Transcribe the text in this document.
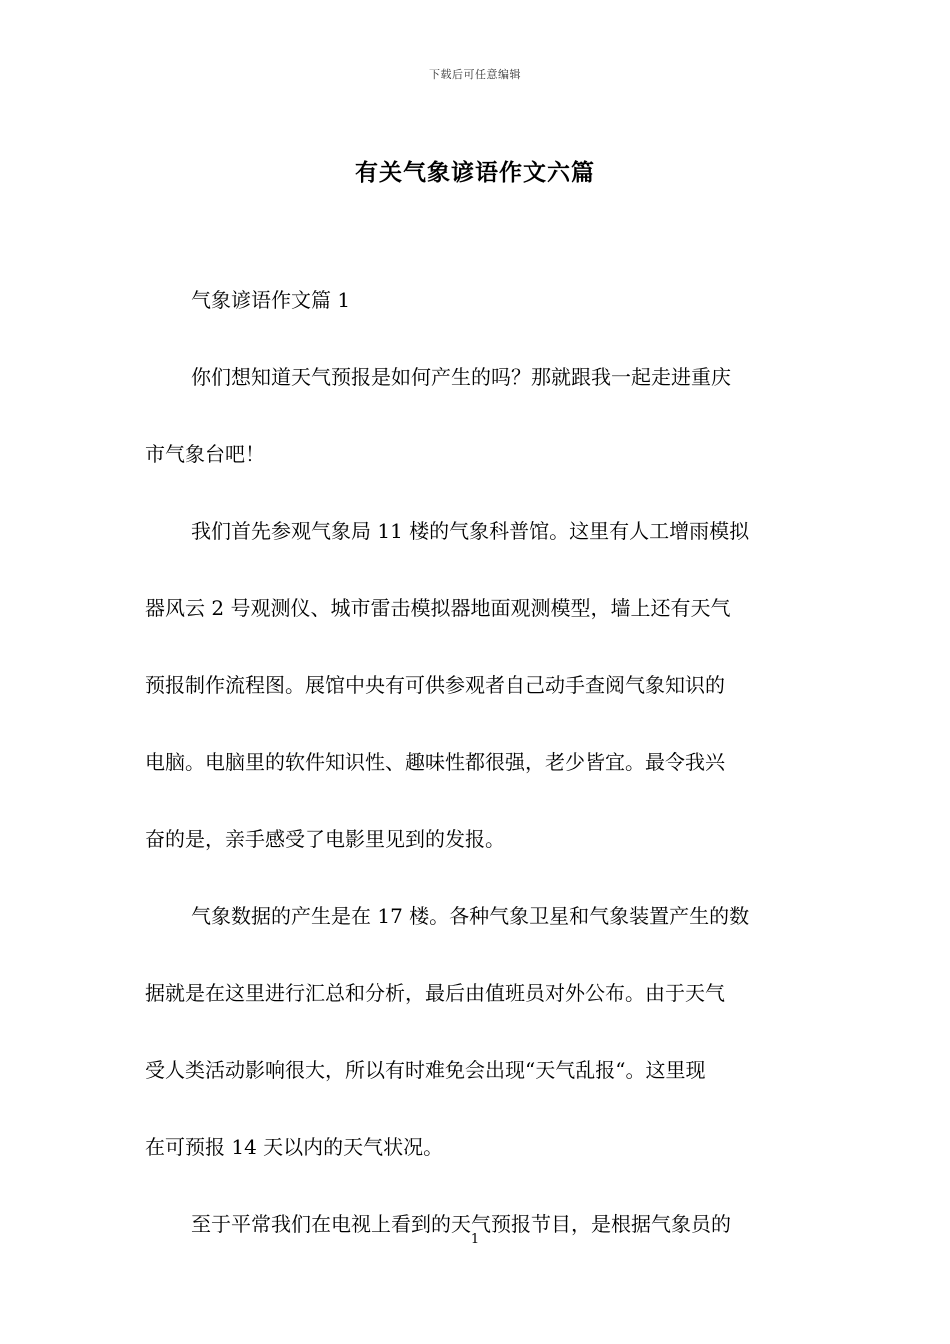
下载后可任意编辑
有关气象谚语作文六篇
气象谚语作文篇 1
你们想知道天气预报是如何产生的吗？那就跟我一起走进重庆
市气象台吧！
我们首先参观气象局 11 楼的气象科普馆。这里有人工增雨模拟
器风云 2 号观测仪、城市雷击模拟器地面观测模型，墙上还有天气
预报制作流程图。展馆中央有可供参观者自己动手查阅气象知识的
电脑。电脑里的软件知识性、趣味性都很强，老少皆宜。最令我兴
奋的是，亲手感受了电影里见到的发报。
气象数据的产生是在 17 楼。各种气象卫星和气象装置产生的数
据就是在这里进行汇总和分析，最后由值班员对外公布。由于天气
受人类活动影响很大，所以有时难免会出现“天气乱报“。这里现
在可预报 14 天以内的天气状况。
至于平常我们在电视上看到的天气预报节目，是根据气象员的
1
